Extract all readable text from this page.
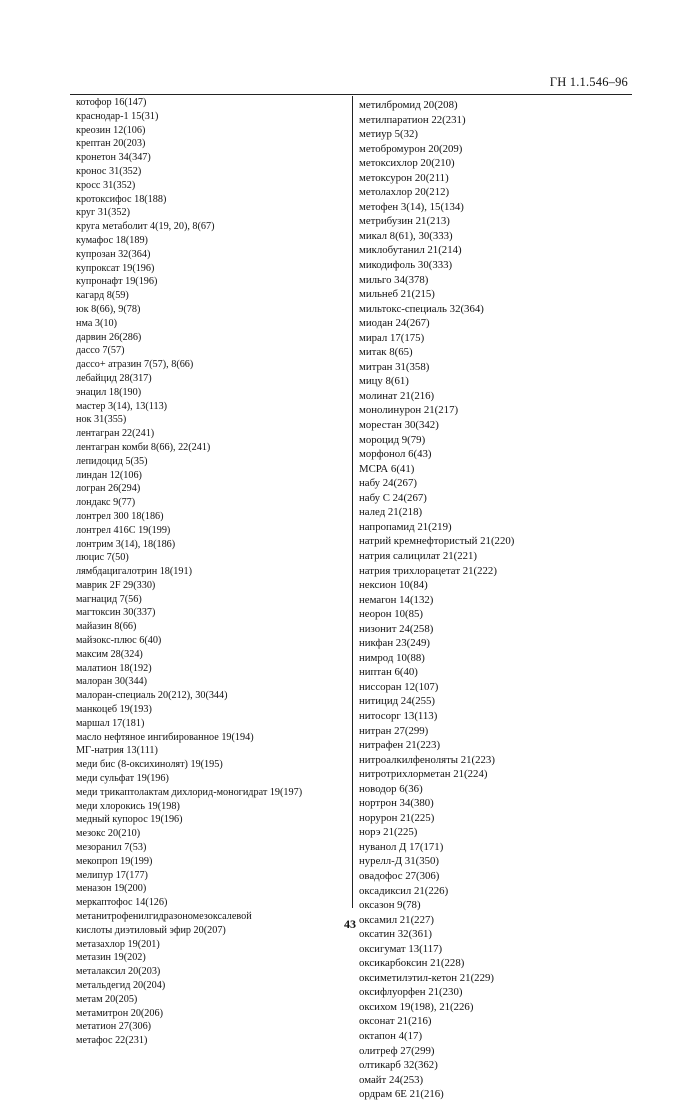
ГН 1.1.546–96
котофор 16(147)
краснодар-1 15(31)
креозин 12(106)
крептан 20(203)
кронетон 34(347)
кронос 31(352)
кросс 31(352)
кротоксифос 18(188)
круг 31(352)
круга метаболит 4(19, 20), 8(67)
кумафос 18(189)
купрозан 32(364)
купроксат 19(196)
купронафт 19(196)
кагард 8(59)
юк 8(66), 9(78)
нма 3(10)
дарвин 26(286)
дассо 7(57)
дассо+ атразин 7(57), 8(66)
лебайцид 28(317)
энацил 18(190)
мастер 3(14), 13(113)
нок 31(355)
лентагран 22(241)
лентагран комби 8(66), 22(241)
лепидоцид 5(35)
линдан 12(106)
логран 26(294)
лондакс 9(77)
лонтрел 300 18(186)
лонтрел 416С 19(199)
лонтрим 3(14), 18(186)
люцис 7(50)
лямбдацигалотрин 18(191)
маврик 2F 29(330)
магнацид 7(56)
магтоксин 30(337)
майазин 8(66)
майзокс-плюс 6(40)
максим 28(324)
малатион 18(192)
малоран 30(344)
малоран-специаль 20(212), 30(344)
манкоцеб 19(193)
маршал 17(181)
масло нефтяное ингибированное 19(194)
МГ-натрия 13(111)
меди бис (8-оксихинолят) 19(195)
меди сульфат 19(196)
меди трикаптолактам дихлорид-моногидрат 19(197)
меди хлорокись 19(198)
медный купорос 19(196)
мезокс 20(210)
мезоранил 7(53)
мекопроп 19(199)
мелипур 17(177)
меназон 19(200)
меркаптофос 14(126)
метанитрофенилгидразономезоксалевой
кислоты диэтиловый эфир 20(207)
метазахлор 19(201)
метазин 19(202)
металаксил 20(203)
метальдегид 20(204)
метам 20(205)
метамитрон 20(206)
метатион 27(306)
метафос 22(231)
метилбромид 20(208)
метилпаратион 22(231)
метиур 5(32)
метобромурон 20(209)
метоксихлор 20(210)
метоксурон 20(211)
метолахлор 20(212)
метофен 3(14), 15(134)
метрибузин 21(213)
микал 8(61), 30(333)
миклобутанил 21(214)
микодифоль 30(333)
мильго 34(378)
мильнеб 21(215)
мильтокс-специаль 32(364)
миодан 24(267)
мирал 17(175)
митак 8(65)
митран 31(358)
мицу 8(61)
молинат 21(216)
монолинурон 21(217)
морестан 30(342)
мороцид 9(79)
морфонол 6(43)
МСРА 6(41)
набу 24(267)
набу С 24(267)
налед 21(218)
напропамид 21(219)
натрий кремнефтористый 21(220)
натрия салицилат 21(221)
натрия трихлорацетат 21(222)
нексион 10(84)
немагон 14(132)
неорон 10(85)
низонит 24(258)
никфан 23(249)
нимрод 10(88)
ниптан 6(40)
ниссоран 12(107)
нитицид 24(255)
нитосорг 13(113)
нитран 27(299)
нитрафен 21(223)
нитроалкилфеноляты 21(223)
нитротрихлорметан 21(224)
новодор 6(36)
нортрон 34(380)
норурон 21(225)
норэ 21(225)
нуванол Д 17(171)
нурелл-Д 31(350)
овадофос 27(306)
оксадиксил 21(226)
оксазон 9(78)
оксамил 21(227)
оксатин 32(361)
оксигумат 13(117)
оксикарбоксин 21(228)
оксиметилэтил-кетон 21(229)
оксифлуорфен 21(230)
оксихом 19(198), 21(226)
оксонат 21(216)
октапон 4(17)
олитреф 27(299)
олтикарб 32(362)
омайт 24(253)
ордрам 6Е 21(216)
43
